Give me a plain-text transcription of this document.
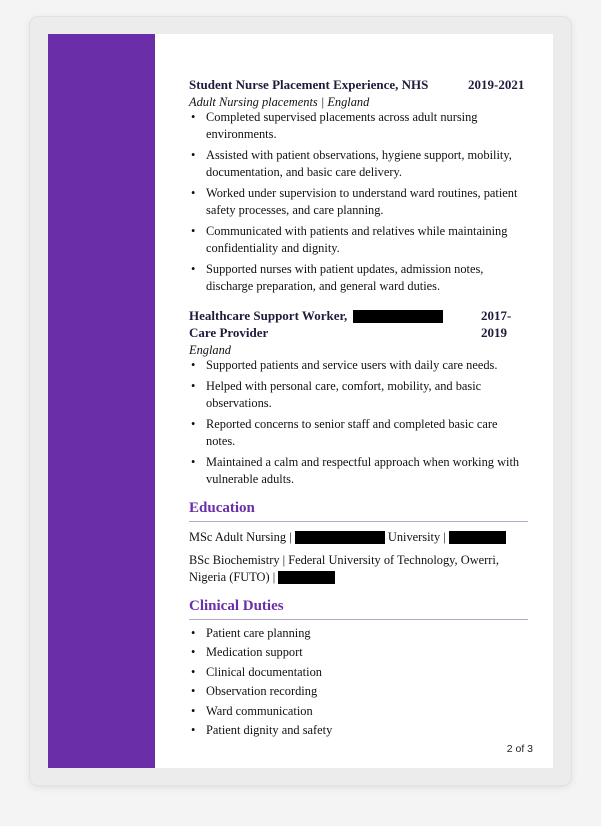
Student Nurse Placement Experience, NHS	2019-2021
Adult Nursing placements | England
• Completed supervised placements across adult nursing environments.
• Assisted with patient observations, hygiene support, mobility, documentation, and basic care delivery.
• Worked under supervision to understand ward routines, patient safety processes, and care planning.
• Communicated with patients and relatives while maintaining confidentiality and dignity.
• Supported nurses with patient updates, admission notes, discharge preparation, and general ward duties.
Healthcare Support Worker,
Care Provider
2017-
2019
England
• Supported patients and service users with daily care needs.
• Helped with personal care, comfort, mobility, and basic observations.
• Reported concerns to senior staff and completed basic care notes.
• Maintained a calm and respectful approach when working with vulnerable adults.
Education
MSc Adult Nursing |	University |
BSc Biochemistry | Federal University of Technology, Owerri,
Nigeria (FUTO) |
Clinical Duties
• Patient care planning
• Medication support
• Clinical documentation
• Observation recording
• Ward communication
• Patient dignity and safety
2 of 3
